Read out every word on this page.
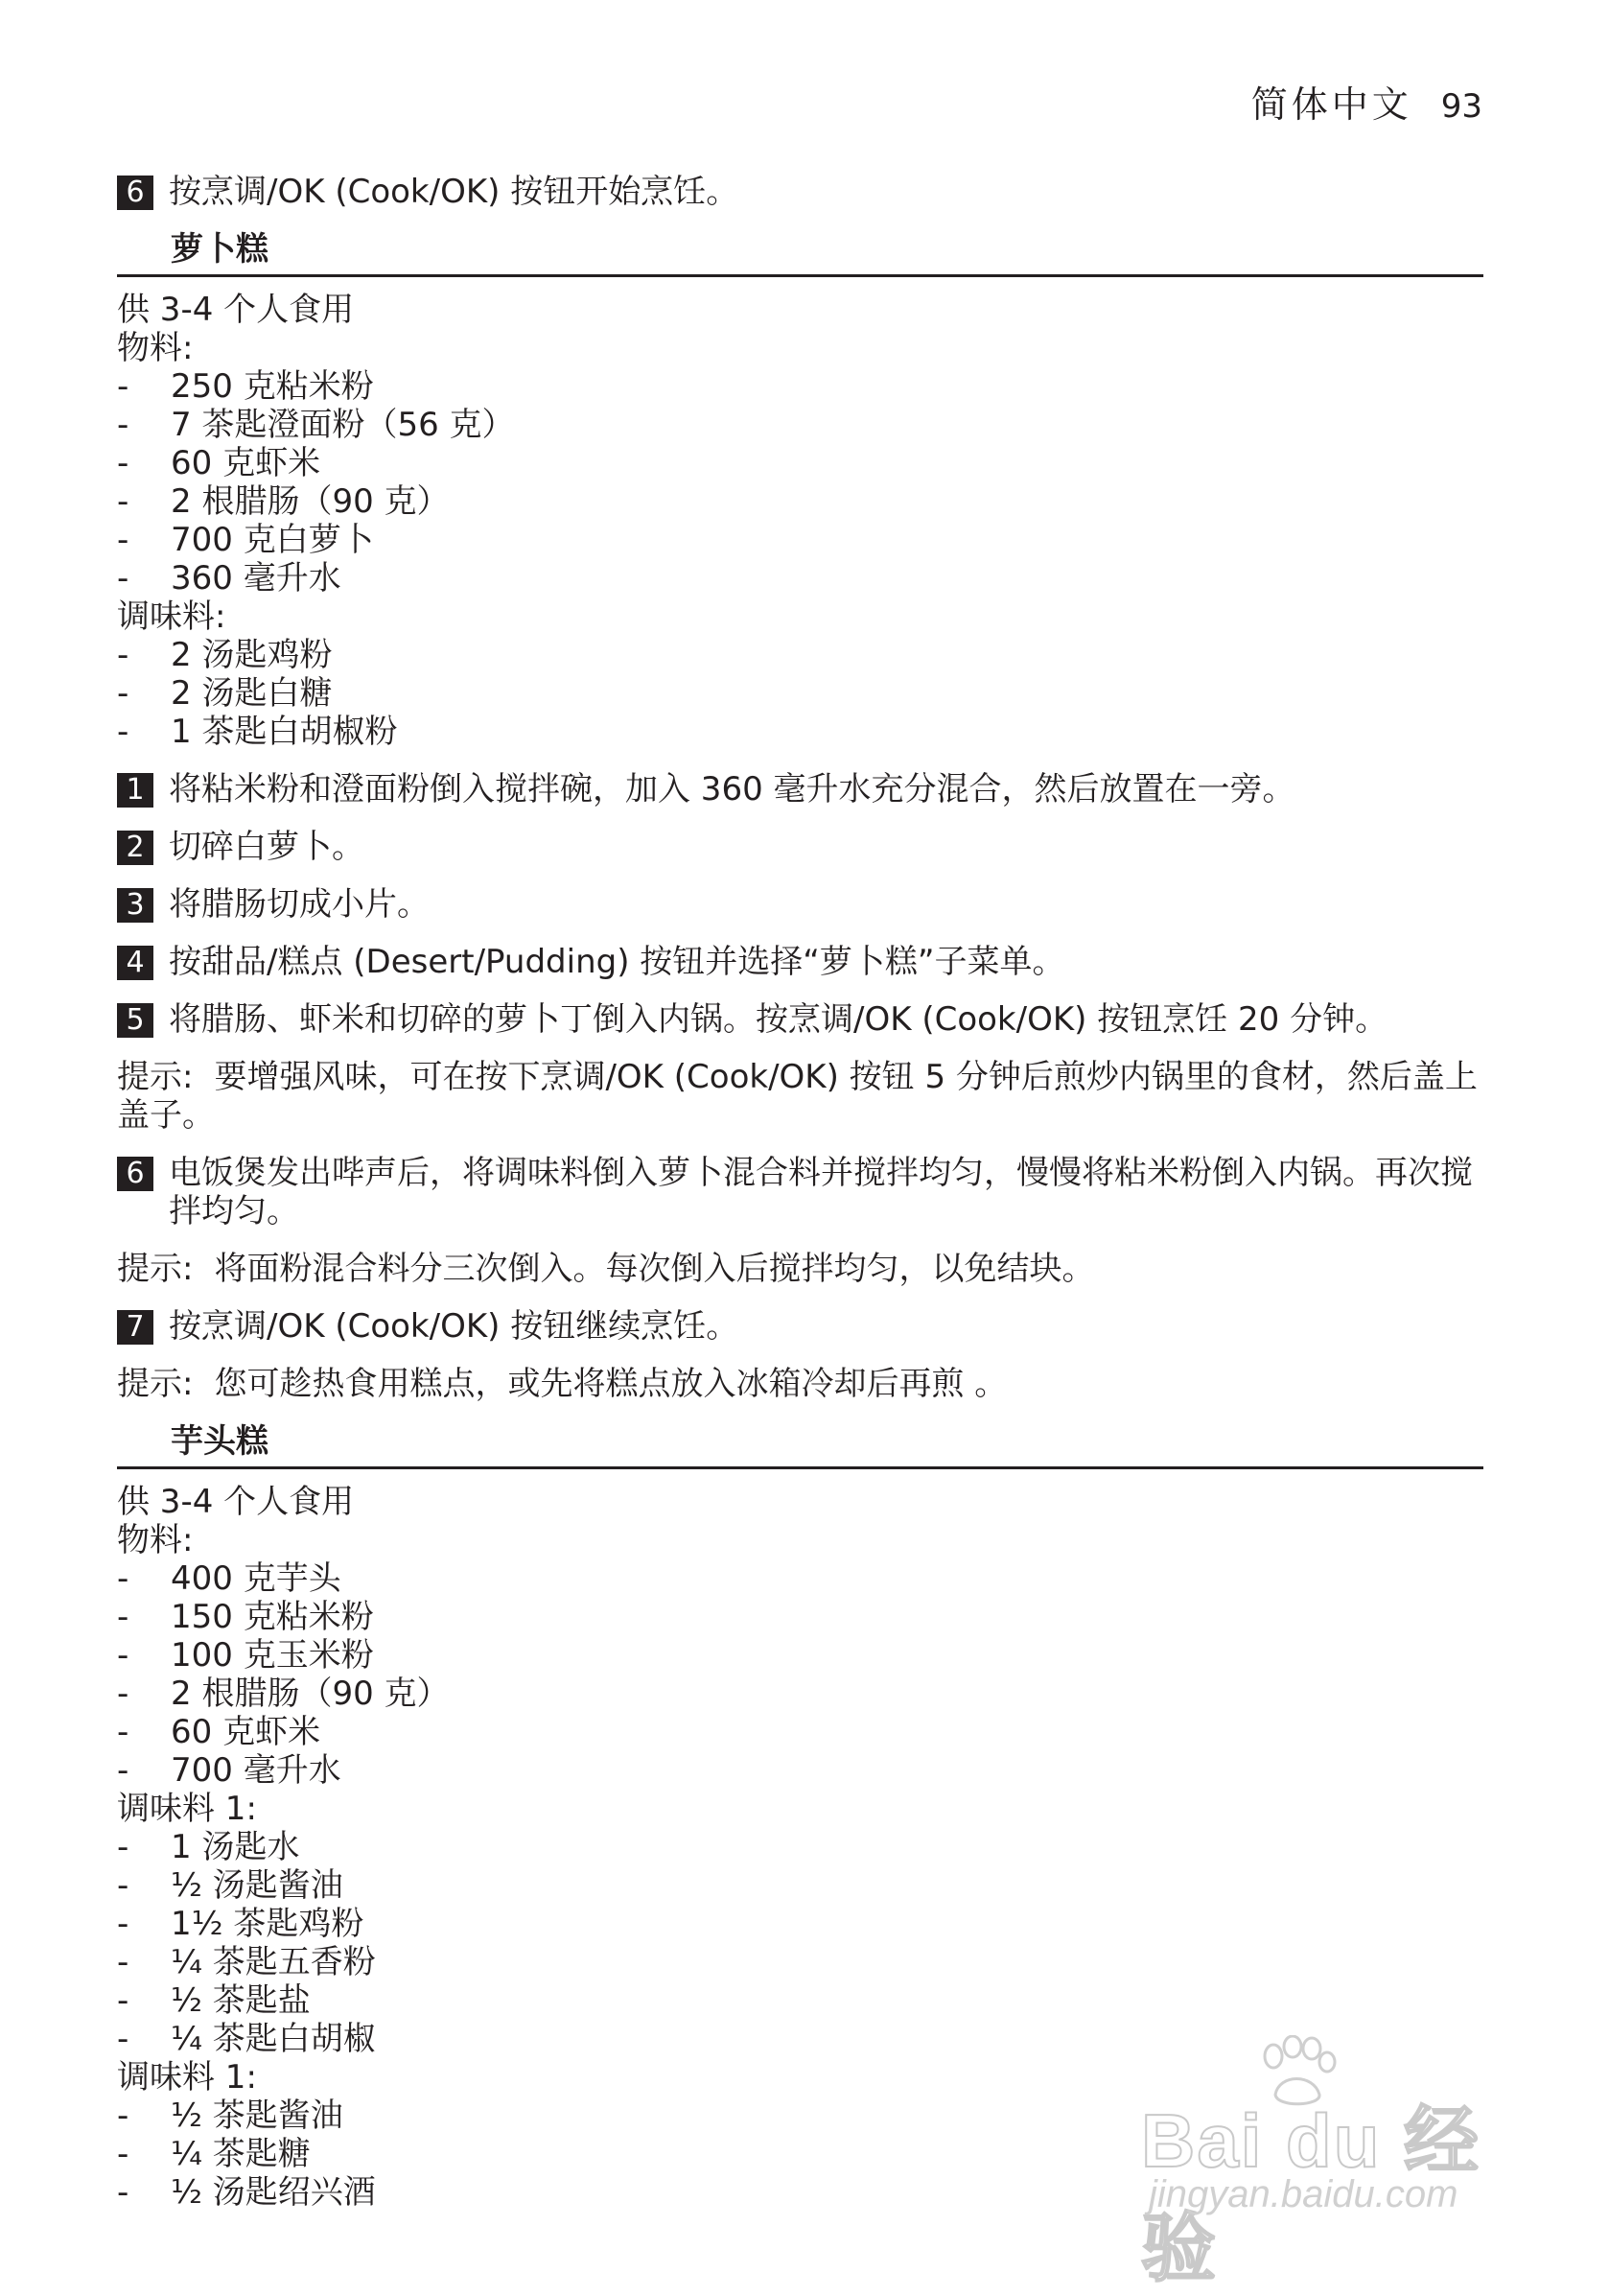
简体中文 93
6 按烹调/OK (Cook/OK) 按钮开始烹饪。
萝卜糕
供 3-4 个人食用
物料:
-	250 克粘米粉
-	7 茶匙澄面粉（56 克）
-	60 克虾米
-	2 根腊肠（90 克）
-	700 克白萝卜
-	360 毫升水
调味料:
-	2 汤匙鸡粉
-	2 汤匙白糖
-	1 茶匙白胡椒粉
1 将粘米粉和澄面粉倒入搅拌碗，加入 360 毫升水充分混合，然后放置在一旁。
2 切碎白萝卜。
3 将腊肠切成小片。
4 按甜品/糕点 (Desert/Pudding) 按钮并选择“萝卜糕”子菜单。
5 将腊肠、虾米和切碎的萝卜丁倒入内锅。按烹调/OK (Cook/OK) 按钮烹饪 20 分钟。
提示: 要增强风味，可在按下烹调/OK (Cook/OK) 按钮 5 分钟后煎炒内锅里的食材，然后盖上盖子。
6 电饭煲发出哔声后，将调味料倒入萝卜混合料并搅拌均匀，慢慢将粘米粉倒入内锅。再次搅拌均匀。
提示: 将面粉混合料分三次倒入。每次倒入后搅拌均匀，以免结块。
7 按烹调/OK (Cook/OK) 按钮继续烹饪。
提示: 您可趁热食用糕点，或先将糕点放入冰箱冷却后再煎 。
芋头糕
供 3-4 个人食用
物料:
-	400 克芋头
-	150 克粘米粉
-	100 克玉米粉
-	2 根腊肠（90 克）
-	60 克虾米
-	700 毫升水
调味料 1:
-	1 汤匙水
-	½ 汤匙酱油
-	1½ 茶匙鸡粉
-	¼ 茶匙五香粉
-	½ 茶匙盐
-	¼ 茶匙白胡椒
调味料 1:
-	½ 茶匙酱油
-	¼ 茶匙糖
-	½ 汤匙绍兴酒
Bai du 经验
jingyan.baidu.com
